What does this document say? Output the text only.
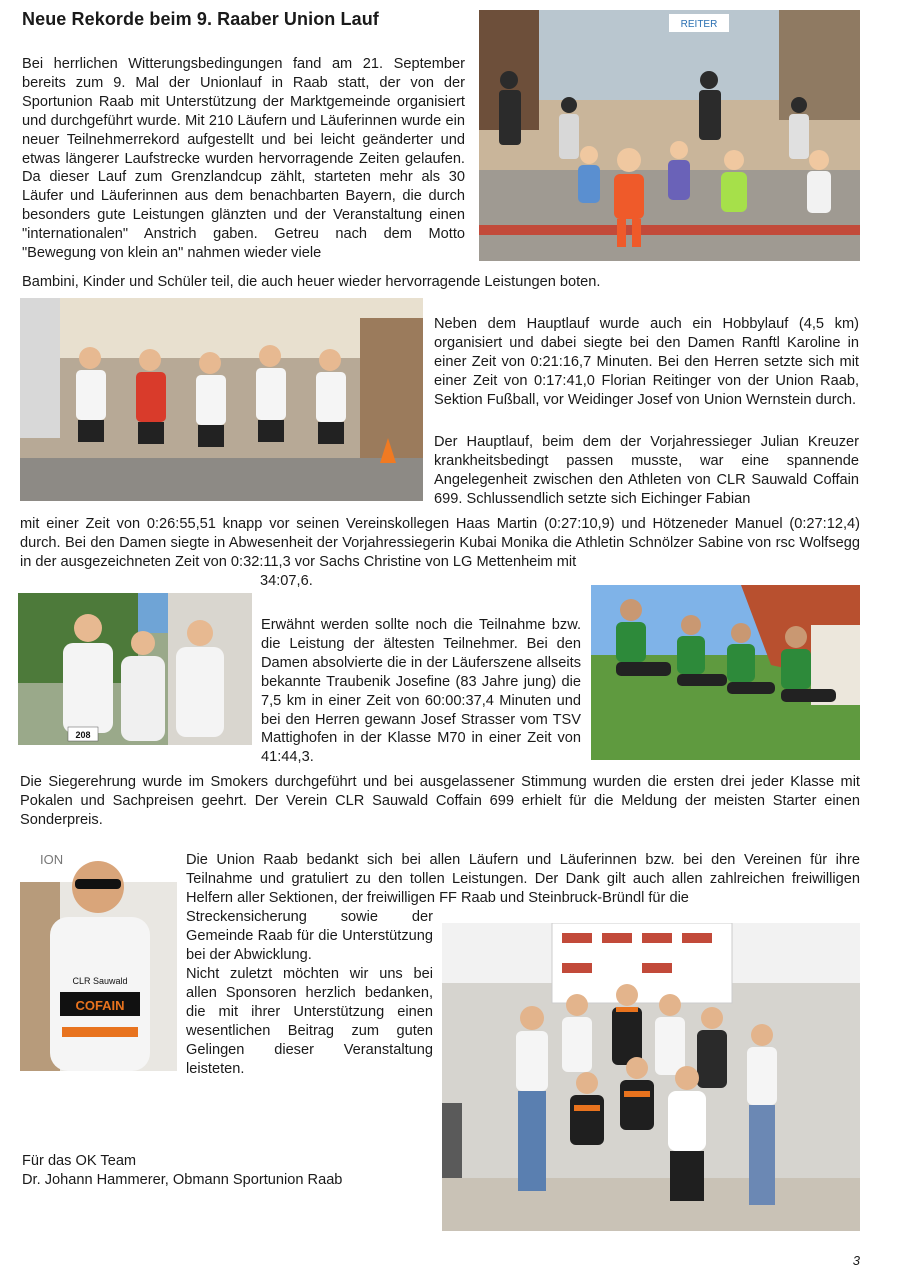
Neue Rekorde beim 9. Raaber Union Lauf

Bei herrlichen Witterungsbedingungen fand am 21. September bereits zum 9. Mal der Unionlauf in Raab statt, der von der Sportunion Raab mit Unterstützung der Marktgemeinde organisiert und durchgeführt wurde. Mit 210 Läufern und Läuferinnen wurde ein neuer Teilnehmerrekord aufgestellt und bei leicht geänderter und etwas längerer Laufstrecke wurden hervorragende Zeiten gelaufen. Da dieser Lauf zum Grenzlandcup zählt, starteten mehr als 30 Läufer und Läuferinnen aus dem benachbarten Bayern, die durch besonders gute Leistungen glänzten und der Veranstaltung einen "internationalen" Anstrich gaben. Getreu nach dem Motto "Bewegung von klein an" nahmen wieder viele

Bambini, Kinder und Schüler teil, die auch heuer wieder hervorragende Leistungen boten.

REITER

Neben dem Hauptlauf wurde auch ein Hobbylauf (4,5 km) organisiert und dabei siegte bei den Damen Ranftl Karoline in einer Zeit von 0:21:16,7 Minuten. Bei den Herren setzte sich mit einer Zeit von 0:17:41,0 Florian Reitinger von der Union Raab, Sektion Fußball, vor Weidinger Josef von Union Wernstein durch.

Der Hauptlauf, beim dem der Vorjahressieger Julian Kreuzer krankheitsbedingt passen musste, war eine spannende Angelegenheit zwischen den Athleten von CLR Sauwald Coffain 699. Schlussendlich setzte sich Eichinger Fabian

mit einer Zeit von 0:26:55,51 knapp vor seinen Vereinskollegen Haas Martin (0:27:10,9) und Hötzeneder Manuel (0:27:12,4) durch. Bei den Damen siegte in Abwesenheit der Vorjahressiegerin Kubai Monika die Athletin Schnölzer Sabine von rsc Wolfsegg in der ausgezeichneten Zeit von 0:32:11,3 vor Sachs Christine von LG Mettenheim mit

34:07,6.

208

Erwähnt werden sollte noch die Teilnahme bzw. die Leistung der ältesten Teilnehmer. Bei den Damen absolvierte die in der Läuferszene allseits bekannte Traubenik Josefine (83 Jahre jung) die 7,5 km in einer Zeit von 60:00:37,4 Minuten und bei den Herren gewann Josef Strasser vom TSV Mattighofen in der Klasse M70 in einer Zeit von 41:44,3.

Die Siegerehrung wurde im Smokers durchgeführt und bei ausgelassener Stimmung wurden die ersten drei jeder Klasse mit Pokalen und Sachpreisen geehrt. Der Verein CLR Sauwald Coffain 699 erhielt für die Meldung der meisten Starter einen Sonderpreis.

ION
COFAIN
CLR Sauwald

Die Union Raab bedankt sich bei allen Läufern und Läuferinnen bzw. bei den Vereinen für ihre Teilnahme und gratuliert zu den tollen Leistungen. Der Dank gilt auch allen zahlreichen freiwilligen Helfern aller Sektionen, der freiwilligen FF Raab und Steinbruck-Bründl für die

Streckensicherung sowie der Gemeinde Raab für die Unterstützung bei der Abwicklung.

Nicht zuletzt möchten wir uns bei allen Sponsoren herzlich bedanken, die mit ihrer Unterstützung einen wesentlichen Beitrag zum guten Gelingen dieser Veranstaltung leisteten.

Für das OK Team
Dr. Johann Hammerer, Obmann Sportunion Raab
3
